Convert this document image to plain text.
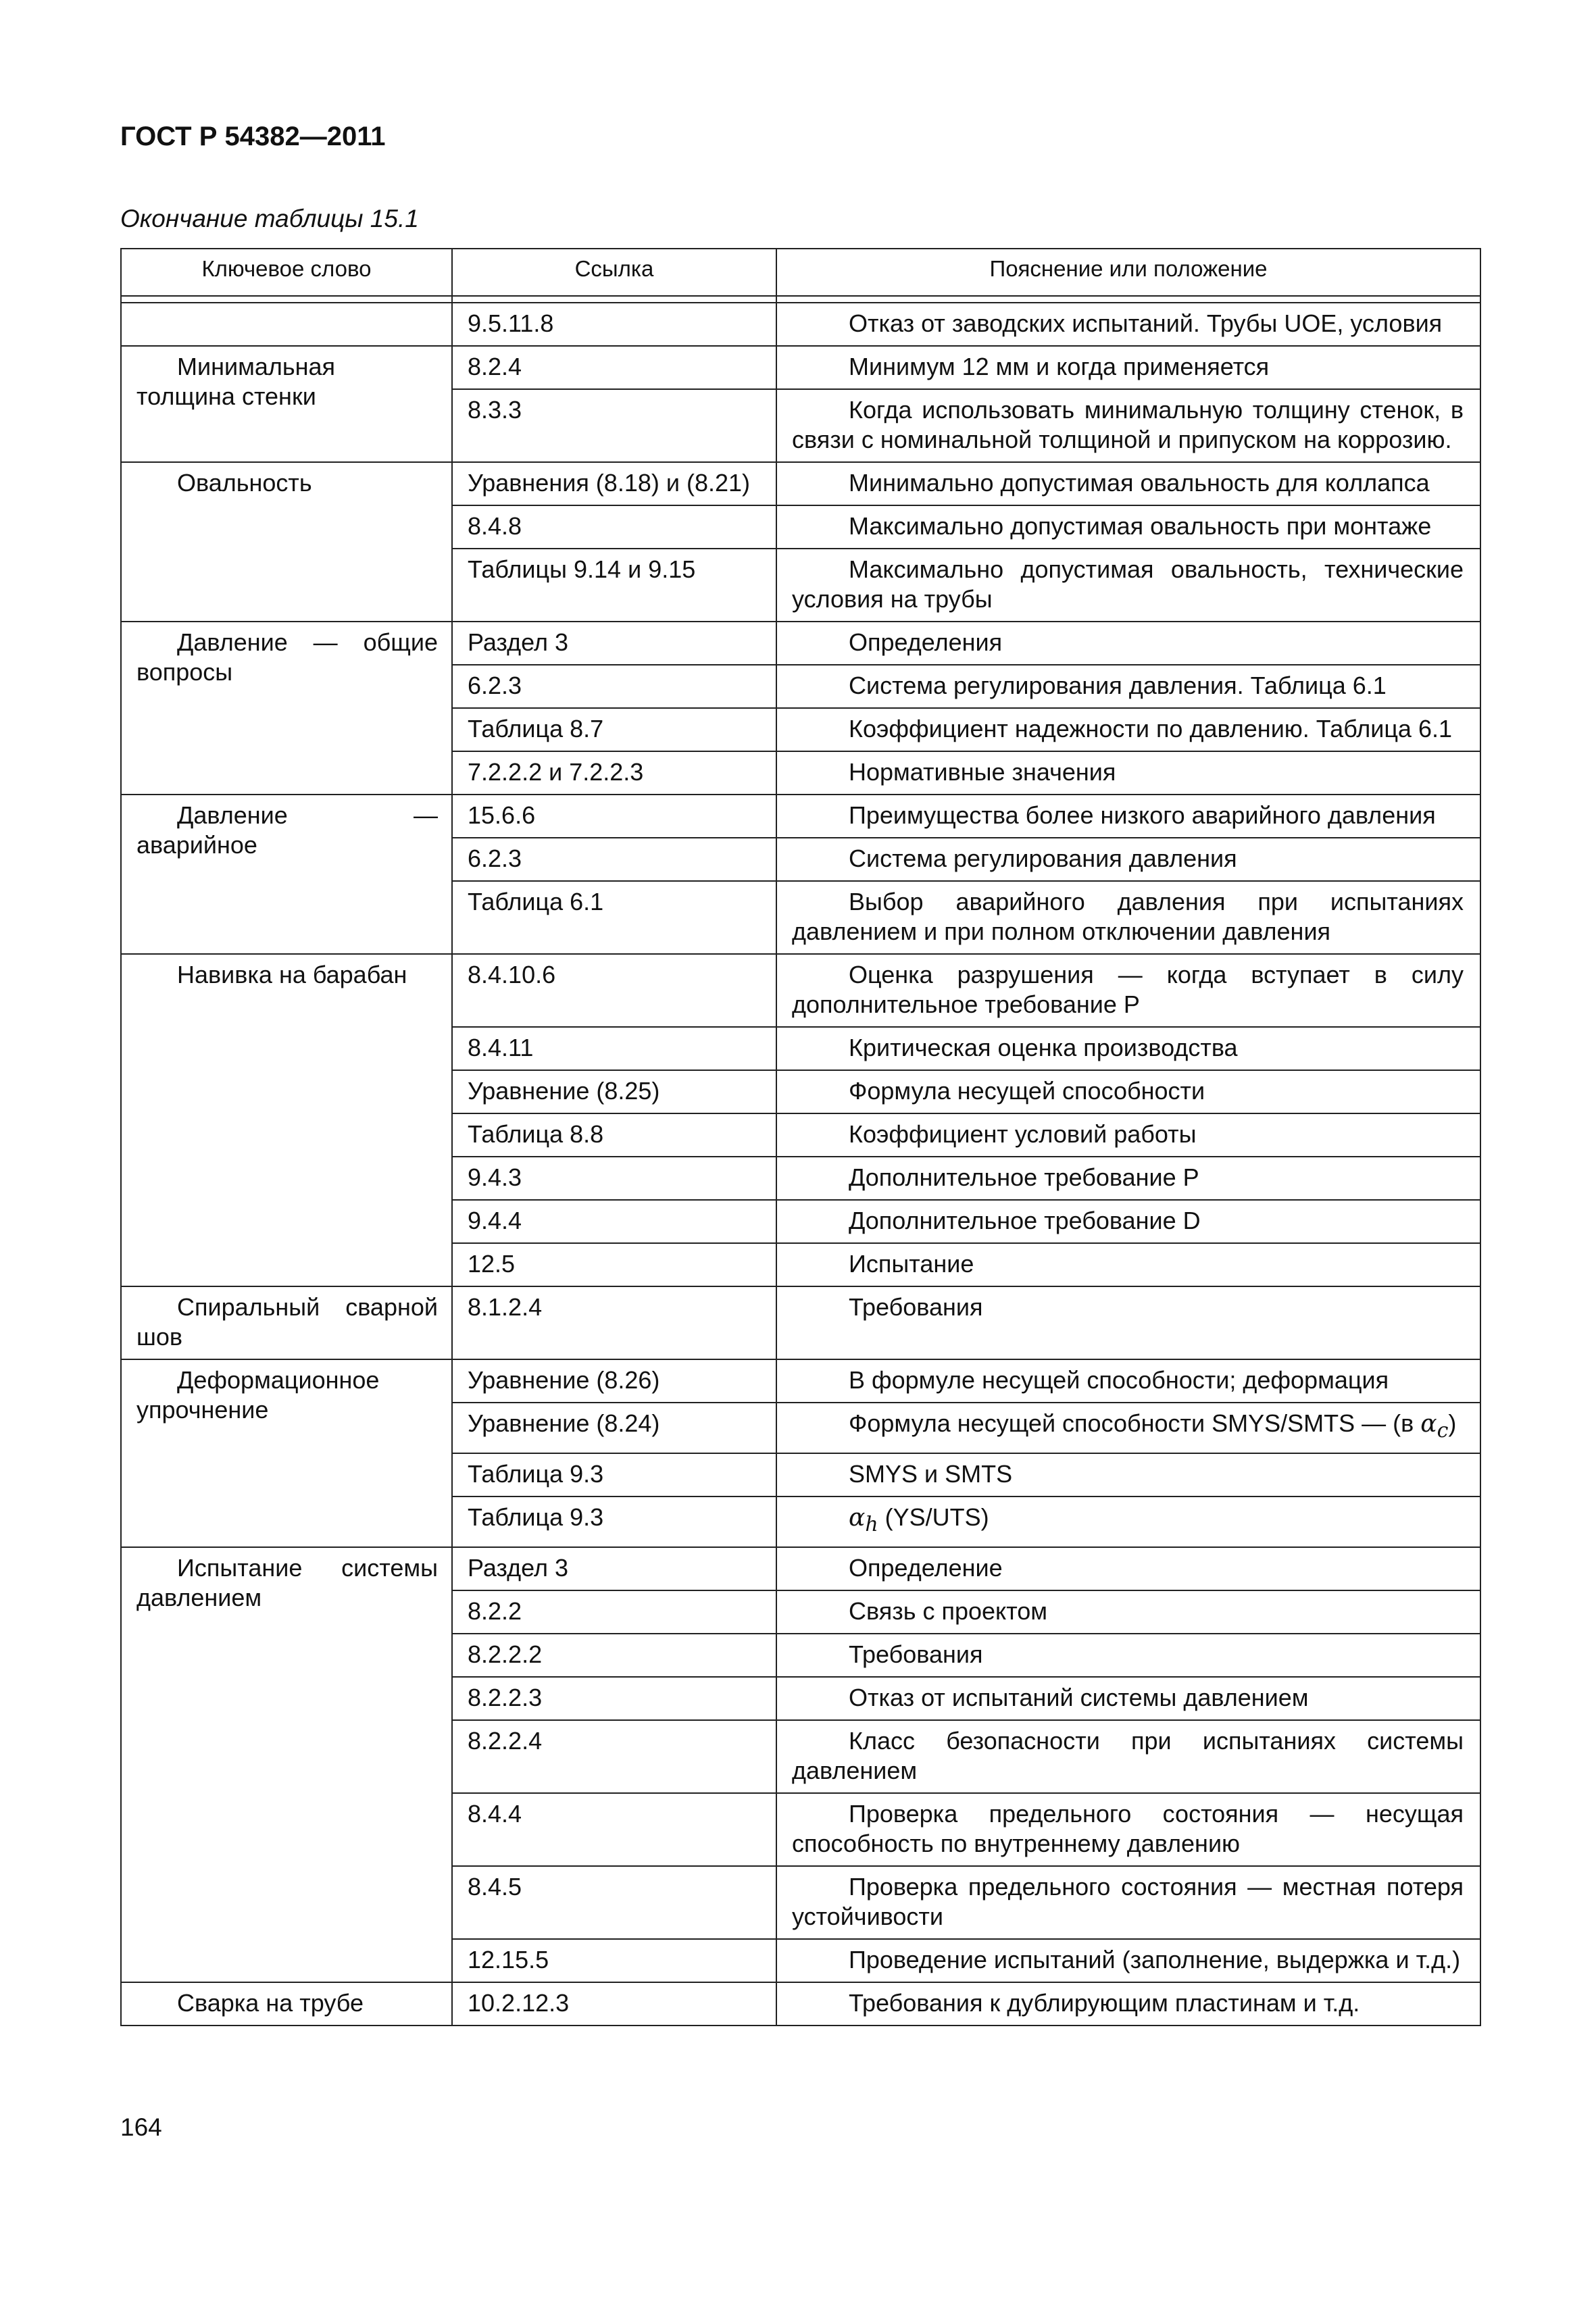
ГОСТ Р 54382—2011
Окончание таблицы 15.1
Ключевое слово	Ссылка	Пояснение или положение

	9.5.11.8	Отказ от заводских испытаний. Трубы UOE, условия
Минимальная толщина стенки	8.2.4	Минимум 12 мм и когда применяется
	8.3.3	Когда использовать минимальную толщину стенок, в связи с номинальной толщиной и припуском на коррозию.
Овальность	Уравнения (8.18) и (8.21)	Минимально допустимая овальность для коллапса
	8.4.8	Максимально допустимая овальность при монтаже
	Таблицы 9.14 и 9.15	Максимально допустимая овальность, технические условия на трубы
Давление — общие вопросы	Раздел 3	Определения
	6.2.3	Система регулирования давления. Таблица 6.1
	Таблица 8.7	Коэффициент надежности по давлению. Таблица 6.1
	7.2.2.2 и 7.2.2.3	Нормативные значения
Давление — аварийное	15.6.6	Преимущества более низкого аварийного давления
	6.2.3	Система регулирования давления
	Таблица 6.1	Выбор аварийного давления при испытаниях давлением и при полном отключении давления
Навивка на барабан	8.4.10.6	Оценка разрушения — когда вступает в силу дополнительное требование P
	8.4.11	Критическая оценка производства
	Уравнение (8.25)	Формула несущей способности
	Таблица 8.8	Коэффициент условий работы
	9.4.3	Дополнительное требование P
	9.4.4	Дополнительное требование D
	12.5	Испытание
Спиральный сварной шов	8.1.2.4	Требования
Деформационное упрочнение	Уравнение (8.26)	В формуле несущей способности; деформация
	Уравнение (8.24)	Формула несущей способности SMYS/SMTS — (в $\alpha_c$)
	Таблица 9.3	SMYS и SMTS
	Таблица 9.3	$\alpha_h$ (YS/UTS)
Испытание системы давлением	Раздел 3	Определение
	8.2.2	Связь с проектом
	8.2.2.2	Требования
	8.2.2.3	Отказ от испытаний системы давлением
	8.2.2.4	Класс безопасности при испытаниях системы давлением
	8.4.4	Проверка предельного состояния — несущая способность по внутреннему давлению
	8.4.5	Проверка предельного состояния — местная потеря устойчивости
	12.15.5	Проведение испытаний (заполнение, выдержка и т.д.)
Сварка на трубе	10.2.12.3	Требования к дублирующим пластинам и т.д.
164
